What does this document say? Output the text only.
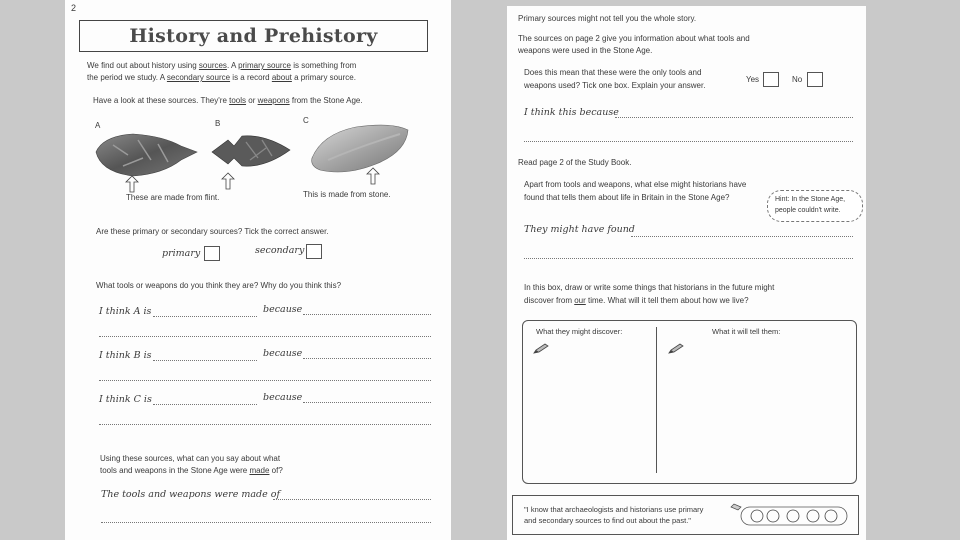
2
History and Prehistory
We find out about history using sources. A primary source is something from
the period we study. A secondary source is a record about a primary source.
Have a look at these sources. They're tools or weapons from the Stone Age.
A	B	C
These are made from flint.	This is made from stone.
Are these primary or secondary sources? Tick the correct answer.
primary	secondary
What tools or weapons do you think they are? Why do you think this?
I think A is	because
I think B is	because
I think C is	because
Using these sources, what can you say about what
tools and weapons in the Stone Age were made of?
The tools and weapons were made of
Primary sources might not tell you the whole story.
The sources on page 2 give you information about what tools and
weapons were used in the Stone Age.
Does this mean that these were the only tools and
weapons used? Tick one box. Explain your answer.
Yes	No
I think this because
Read page 2 of the Study Book.
Apart from tools and weapons, what else might historians have
found that tells them about life in Britain in the Stone Age?	Hint: In the Stone Age,
people couldn't write.
They might have found
In this box, draw or write some things that historians in the future might
discover from our time. What will it tell them about how we live?
What they might discover:	What it will tell them:
"I know that archaeologists and historians use primary
and secondary sources to find out about the past."
